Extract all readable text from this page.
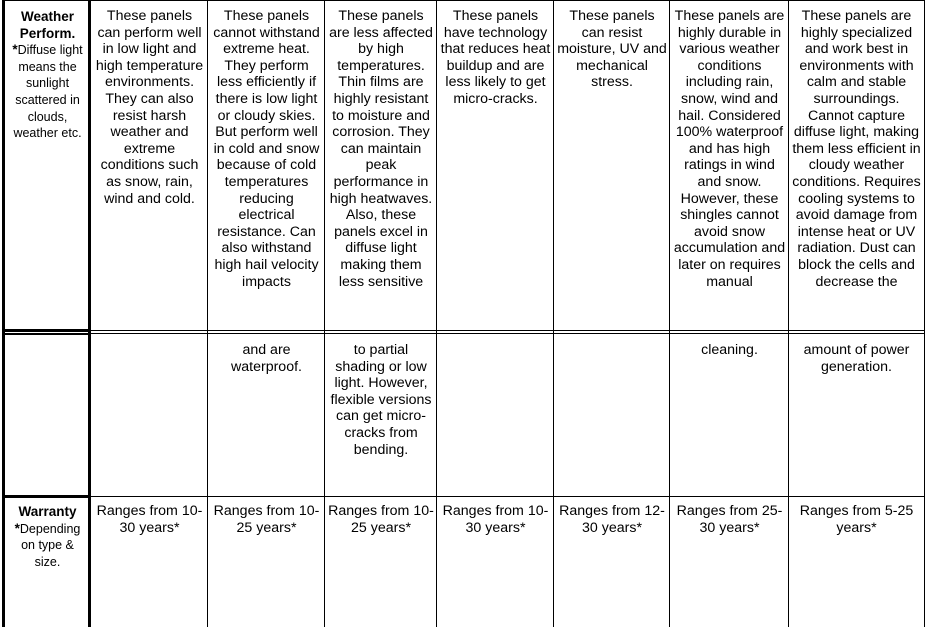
Weather Perform.
*Diffuse light means the sunlight scattered in clouds, weather etc.
These panels can perform well in low light and high temperature environments. They can also resist harsh weather and extreme conditions such as snow, rain, wind and cold.
These panels cannot withstand extreme heat. They perform less efficiently if there is low light or cloudy skies. But perform well in cold and snow because of cold temperatures reducing electrical resistance. Can also withstand high hail velocity impacts
These panels are less affected by high temperatures. Thin films are highly resistant to moisture and corrosion. They can maintain peak performance in high heatwaves. Also, these panels excel in diffuse light making them less sensitive
These panels have technology that reduces heat buildup and are less likely to get micro-cracks.
These panels can resist moisture, UV and mechanical stress.
These panels are highly durable in various weather conditions including rain, snow, wind and hail. Considered 100% waterproof and has high ratings in wind and snow. However, these shingles cannot avoid snow accumulation and later on requires manual
These panels are highly specialized and work best in environments with calm and stable surroundings. Cannot capture diffuse light, making them less efficient in cloudy weather conditions. Requires cooling systems to avoid damage from intense heat or UV radiation. Dust can block the cells and decrease the
and are waterproof.
to partial shading or low light. However, flexible versions can get micro-cracks from bending.
cleaning.	amount of power generation.
Warranty
*Depending on type & size.
Ranges from 10-30 years*
Ranges from 10-25 years*
Ranges from 10-25 years*
Ranges from 10-30 years*
Ranges from 12-30 years*
Ranges from 25-30 years*
Ranges from 5-25 years*
